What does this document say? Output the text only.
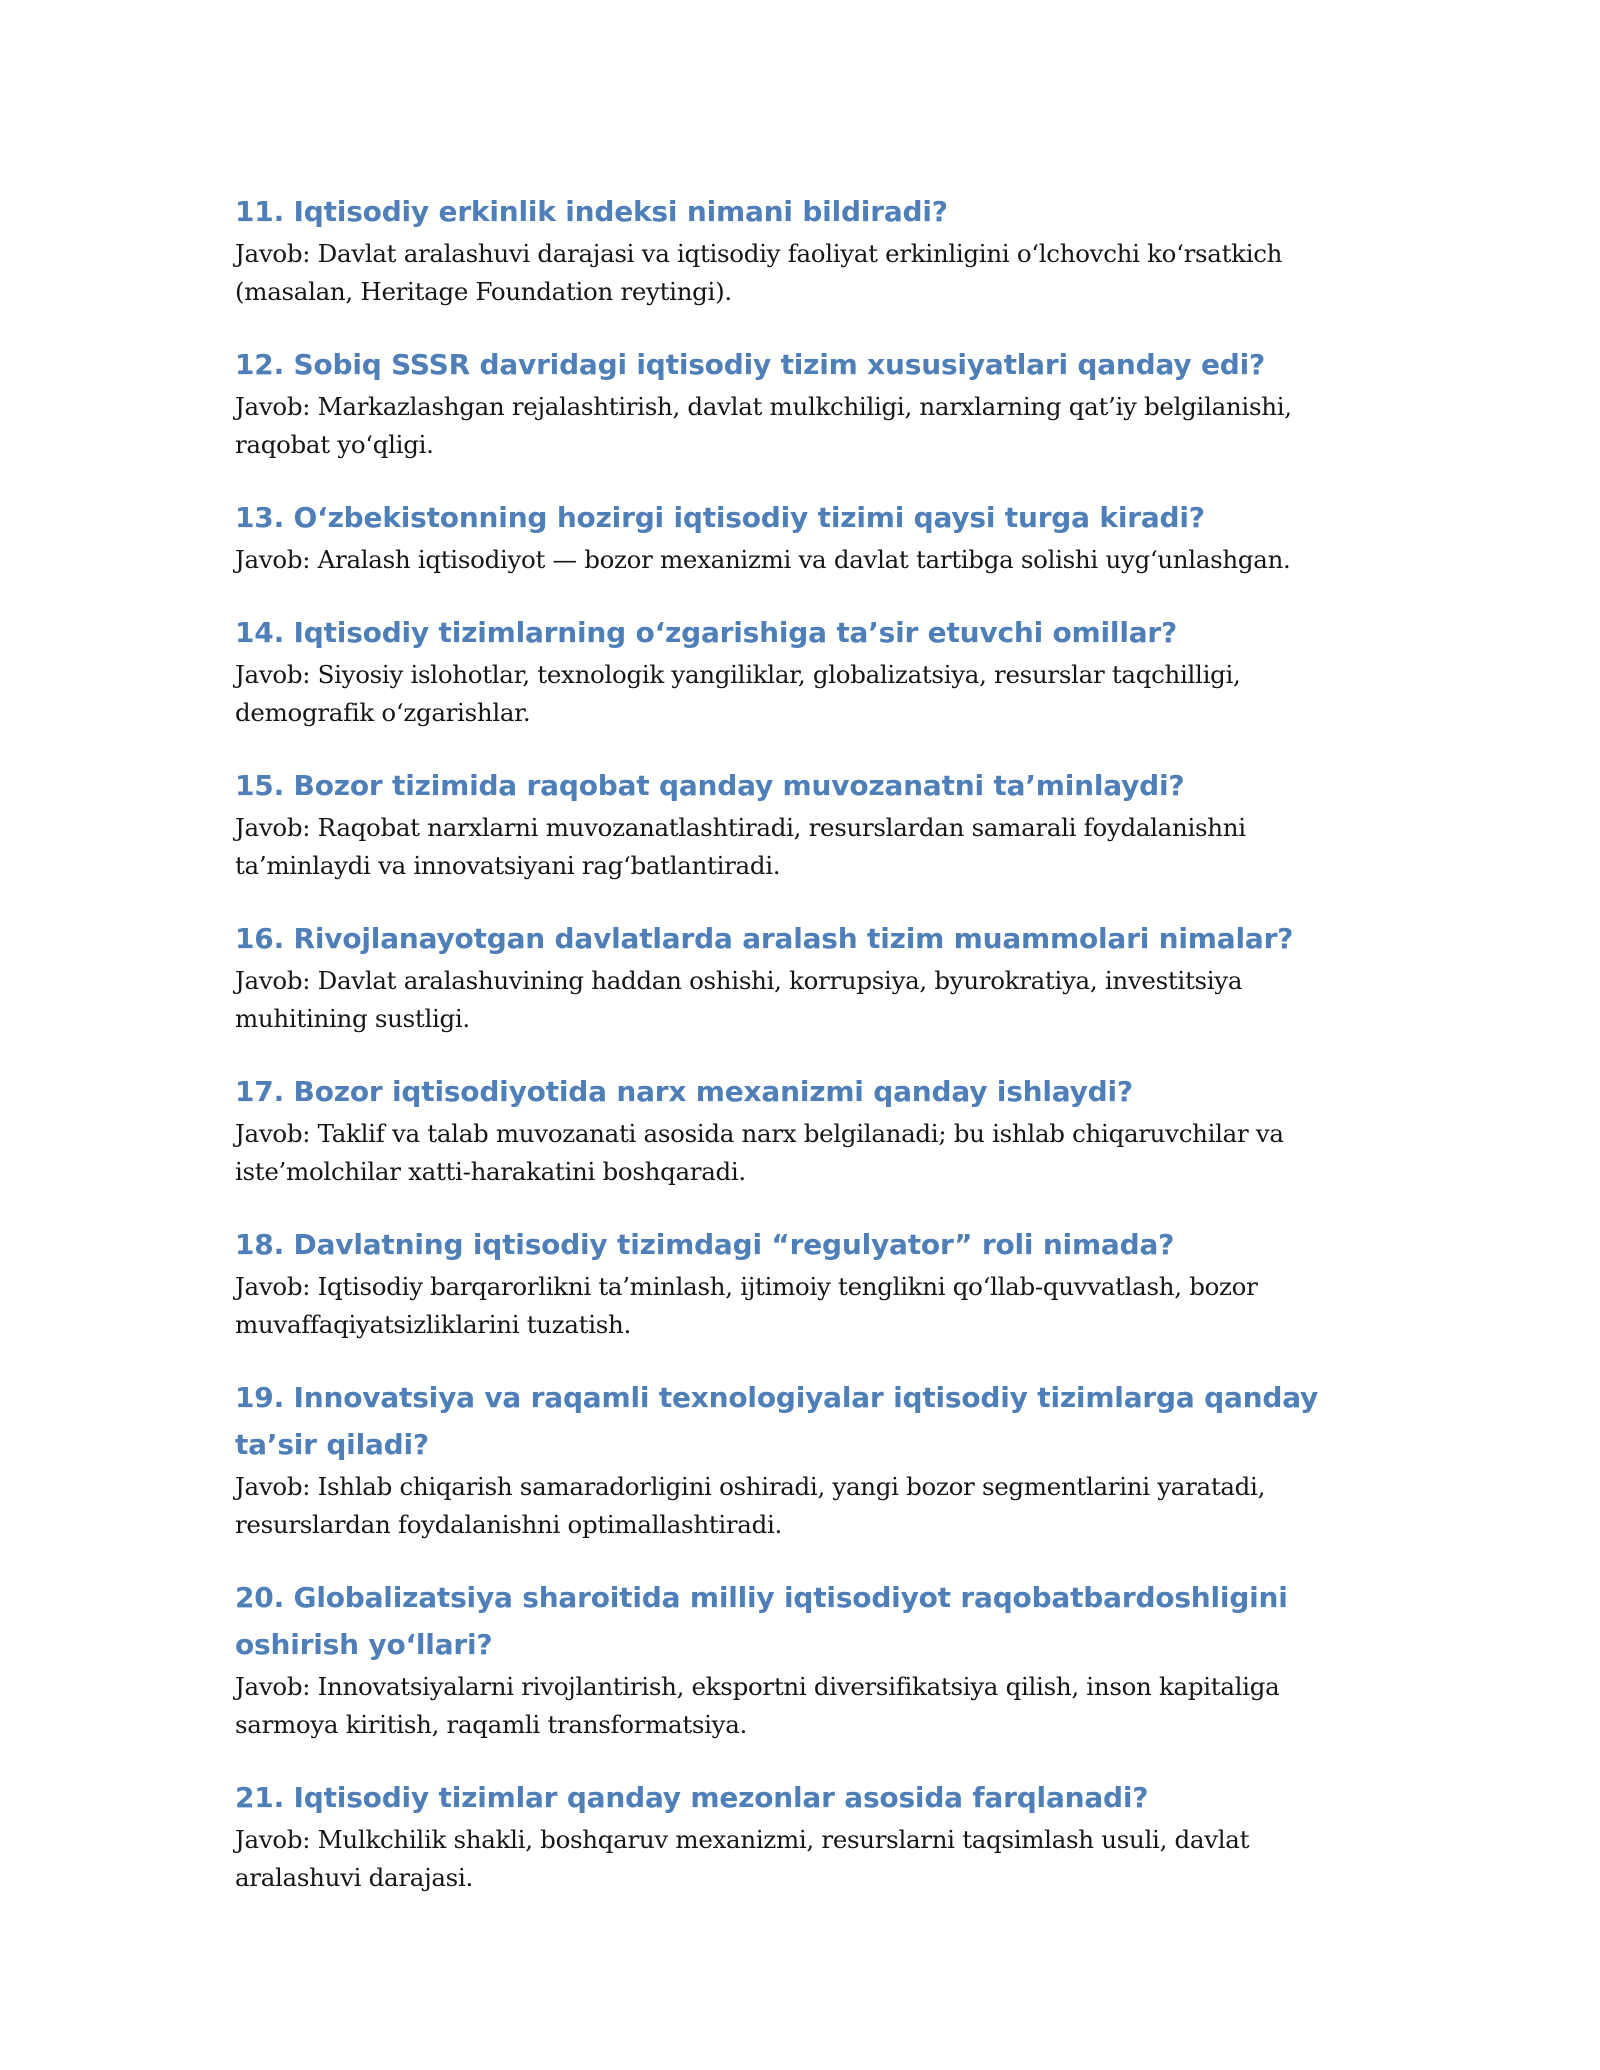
11. Iqtisodiy erkinlik indeksi nimani bildiradi?

Javob: Davlat aralashuvi darajasi va iqtisodiy faoliyat erkinligini o‘lchovchi ko‘rsatkich (masalan, Heritage Foundation reytingi).

12. Sobiq SSSR davridagi iqtisodiy tizim xususiyatlari qanday edi?

Javob: Markazlashgan rejalashtirish, davlat mulkchiligi, narxlarning qat’iy belgilanishi, raqobat yo‘qligi.

13. O‘zbekistonning hozirgi iqtisodiy tizimi qaysi turga kiradi?

Javob: Aralash iqtisodiyot — bozor mexanizmi va davlat tartibga solishi uyg‘unlashgan.

14. Iqtisodiy tizimlarning o‘zgarishiga ta’sir etuvchi omillar?

Javob: Siyosiy islohotlar, texnologik yangiliklar, globalizatsiya, resurslar taqchilligi, demografik o‘zgarishlar.

15. Bozor tizimida raqobat qanday muvozanatni ta’minlaydi?

Javob: Raqobat narxlarni muvozanatlashtiradi, resurslardan samarali foydalanishni ta’minlaydi va innovatsiyani rag‘batlantiradi.

16. Rivojlanayotgan davlatlarda aralash tizim muammolari nimalar?

Javob: Davlat aralashuvining haddan oshishi, korrupsiya, byurokratiya, investitsiya muhitining sustligi.

17. Bozor iqtisodiyotida narx mexanizmi qanday ishlaydi?

Javob: Taklif va talab muvozanati asosida narx belgilanadi; bu ishlab chiqaruvchilar va iste’molchilar xatti-harakatini boshqaradi.

18. Davlatning iqtisodiy tizimdagi “regulyator” roli nimada?

Javob: Iqtisodiy barqarorlikni ta’minlash, ijtimoiy tenglikni qo‘llab-quvvatlash, bozor muvaffaqiyatsizliklarini tuzatish.

19. Innovatsiya va raqamli texnologiyalar iqtisodiy tizimlarga qanday ta’sir qiladi?

Javob: Ishlab chiqarish samaradorligini oshiradi, yangi bozor segmentlarini yaratadi, resurslardan foydalanishni optimallashtiradi.

20. Globalizatsiya sharoitida milliy iqtisodiyot raqobatbardoshligini oshirish yo‘llari?

Javob: Innovatsiyalarni rivojlantirish, eksportni diversifikatsiya qilish, inson kapitaliga sarmoya kiritish, raqamli transformatsiya.

21. Iqtisodiy tizimlar qanday mezonlar asosida farqlanadi?

Javob: Mulkchilik shakli, boshqaruv mexanizmi, resurslarni taqsimlash usuli, davlat aralashuvi darajasi.
